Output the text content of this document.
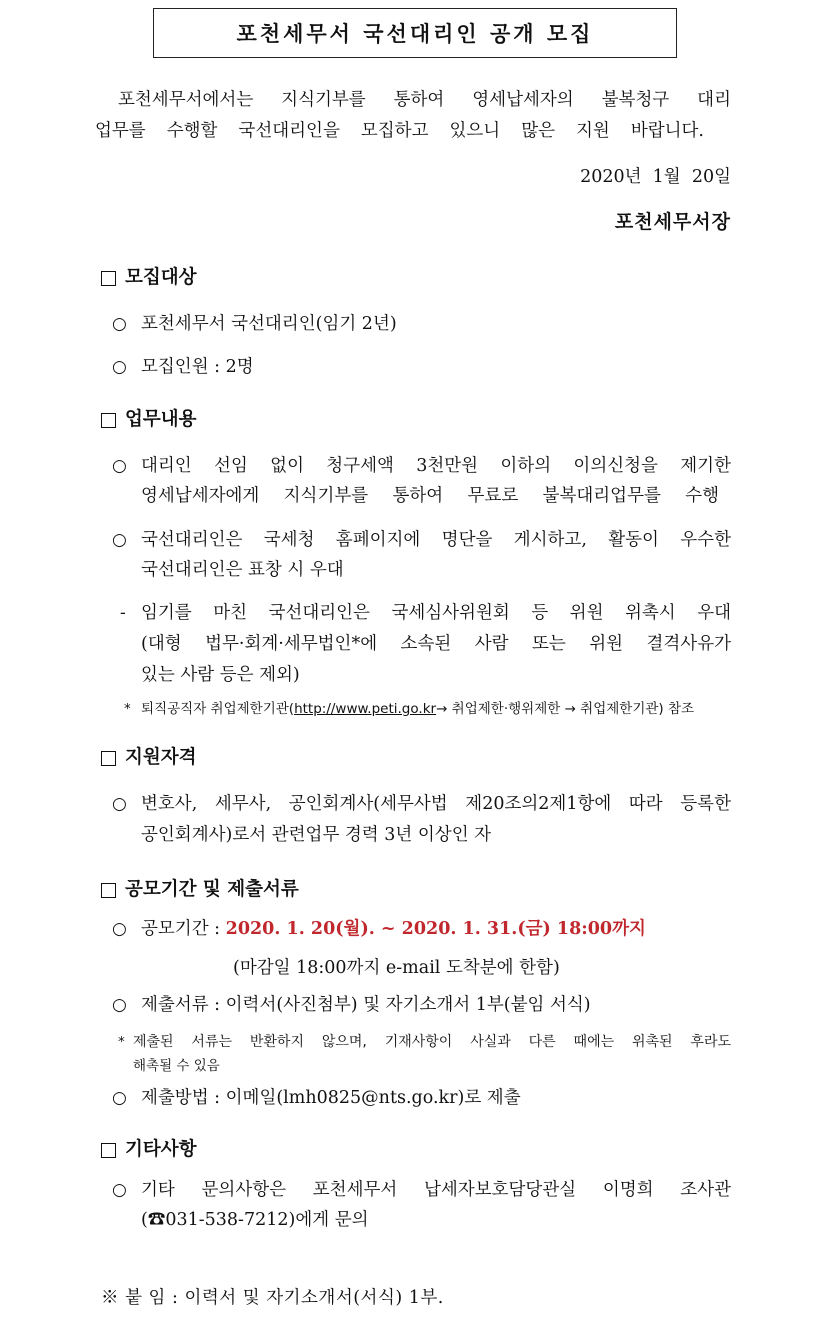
포천세무서 국선대리인 공개 모집
포천세무서에서는 지식기부를 통하여 영세납세자의 불복청구 대리
업무를 수행할 국선대리인을 모집하고 있으니 많은 지원 바랍니다.
2020년  1월  20일
포천세무서장
모집대상
○ 포천세무서 국선대리인(임기 2년)
○ 모집인원 : 2명
업무내용
○ 대리인 선임 없이 청구세액 3천만원 이하의 이의신청을 제기한
영세납세자에게 지식기부를 통하여 무료로 불복대리업무를 수행
○ 국선대리인은 국세청 홈페이지에 명단을 게시하고, 활동이 우수한
국선대리인은 표창 시 우대
- 임기를 마친 국선대리인은 국세심사위원회 등 위원 위촉시 우대
(대형 법무·회계·세무법인*에 소속된 사람 또는 위원 결격사유가
있는 사람 등은 제외)
* 퇴직공직자 취업제한기관(http://www.peti.go.kr→ 취업제한·행위제한 → 취업제한기관) 참조
지원자격
○ 변호사, 세무사, 공인회계사(세무사법 제20조의2제1항에 따라 등록한
공인회계사)로서 관련업무 경력 3년 이상인 자
공모기간 및 제출서류
○ 공모기간 : 2020. 1. 20(월). ~ 2020. 1. 31.(금) 18:00까지
(마감일 18:00까지 e-mail 도착분에 한함)
○ 제출서류 : 이력서(사진첨부) 및 자기소개서 1부(붙임 서식)
* 제출된 서류는 반환하지 않으며, 기재사항이 사실과 다른 때에는 위촉된 후라도
해촉될 수 있음
○ 제출방법 : 이메일(lmh0825@nts.go.kr)로 제출
기타사항
○ 기타 문의사항은 포천세무서 납세자보호담당관실 이명희 조사관
(☎031-538-7212)에게 문의
※ 붙 임 : 이력서 및 자기소개서(서식) 1부.
